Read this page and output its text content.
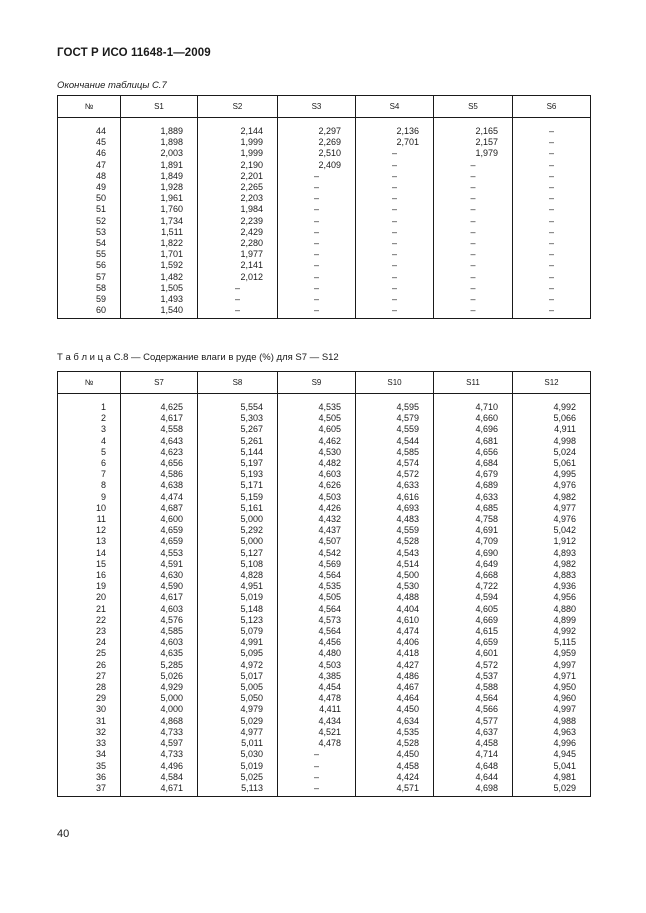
ГОСТ Р ИСО 11648-1—2009
Окончание таблицы С.7
№	S1	S2	S3	S4	S5	S6
44	1,889	2,144	2,297	2,136	2,165	–
45	1,898	1,999	2,269	2,701	2,157	–
46	2,003	1,999	2,510	–	1,979	–
47	1,891	2,190	2,409	–	–	–
48	1,849	2,201	–	–	–	–
49	1,928	2,265	–	–	–	–
50	1,961	2,203	–	–	–	–
51	1,760	1,984	–	–	–	–
52	1,734	2,239	–	–	–	–
53	1,511	2,429	–	–	–	–
54	1,822	2,280	–	–	–	–
55	1,701	1,977	–	–	–	–
56	1,592	2,141	–	–	–	–
57	1,482	2,012	–	–	–	–
58	1,505	–	–	–	–	–
59	1,493	–	–	–	–	–
60	1,540	–	–	–	–	–
Т а б л и ц а С.8 — Содержание влаги в руде (%) для S7 — S12
№	S7	S8	S9	S10	S11	S12
1	4,625	5,554	4,535	4,595	4,710	4,992
2	4,617	5,303	4,505	4,579	4,660	5,066
3	4,558	5,267	4,605	4,559	4,696	4,911
4	4,643	5,261	4,462	4,544	4,681	4,998
5	4,623	5,144	4,530	4,585	4,656	5,024
6	4,656	5,197	4,482	4,574	4,684	5,061
7	4,586	5,193	4,603	4,572	4,679	4,995
8	4,638	5,171	4,626	4,633	4,689	4,976
9	4,474	5,159	4,503	4,616	4,633	4,982
10	4,687	5,161	4,426	4,693	4,685	4,977
11	4,600	5,000	4,432	4,483	4,758	4,976
12	4,659	5,292	4,437	4,559	4,691	5,042
13	4,659	5,000	4,507	4,528	4,709	1,912
14	4,553	5,127	4,542	4,543	4,690	4,893
15	4,591	5,108	4,569	4,514	4,649	4,982
16	4,630	4,828	4,564	4,500	4,668	4,883
19	4,590	4,951	4,535	4,530	4,722	4,936
20	4,617	5,019	4,505	4,488	4,594	4,956
21	4,603	5,148	4,564	4,404	4,605	4,880
22	4,576	5,123	4,573	4,610	4,669	4,899
23	4,585	5,079	4,564	4,474	4,615	4,992
24	4,603	4,991	4,456	4,406	4,659	5,115
25	4,635	5,095	4,480	4,418	4,601	4,959
26	5,285	4,972	4,503	4,427	4,572	4,997
27	5,026	5,017	4,385	4,486	4,537	4,971
28	4,929	5,005	4,454	4,467	4,588	4,950
29	5,000	5,050	4,478	4,464	4,564	4,960
30	4,000	4,979	4,411	4,450	4,566	4,997
31	4,868	5,029	4,434	4,634	4,577	4,988
32	4,733	4,977	4,521	4,535	4,637	4,963
33	4,597	5,011	4,478	4,528	4,458	4,996
34	4,733	5,030	–	4,450	4,714	4,945
35	4,496	5,019	–	4,458	4,648	5,041
36	4,584	5,025	–	4,424	4,644	4,981
37	4,671	5,113	–	4,571	4,698	5,029
40
